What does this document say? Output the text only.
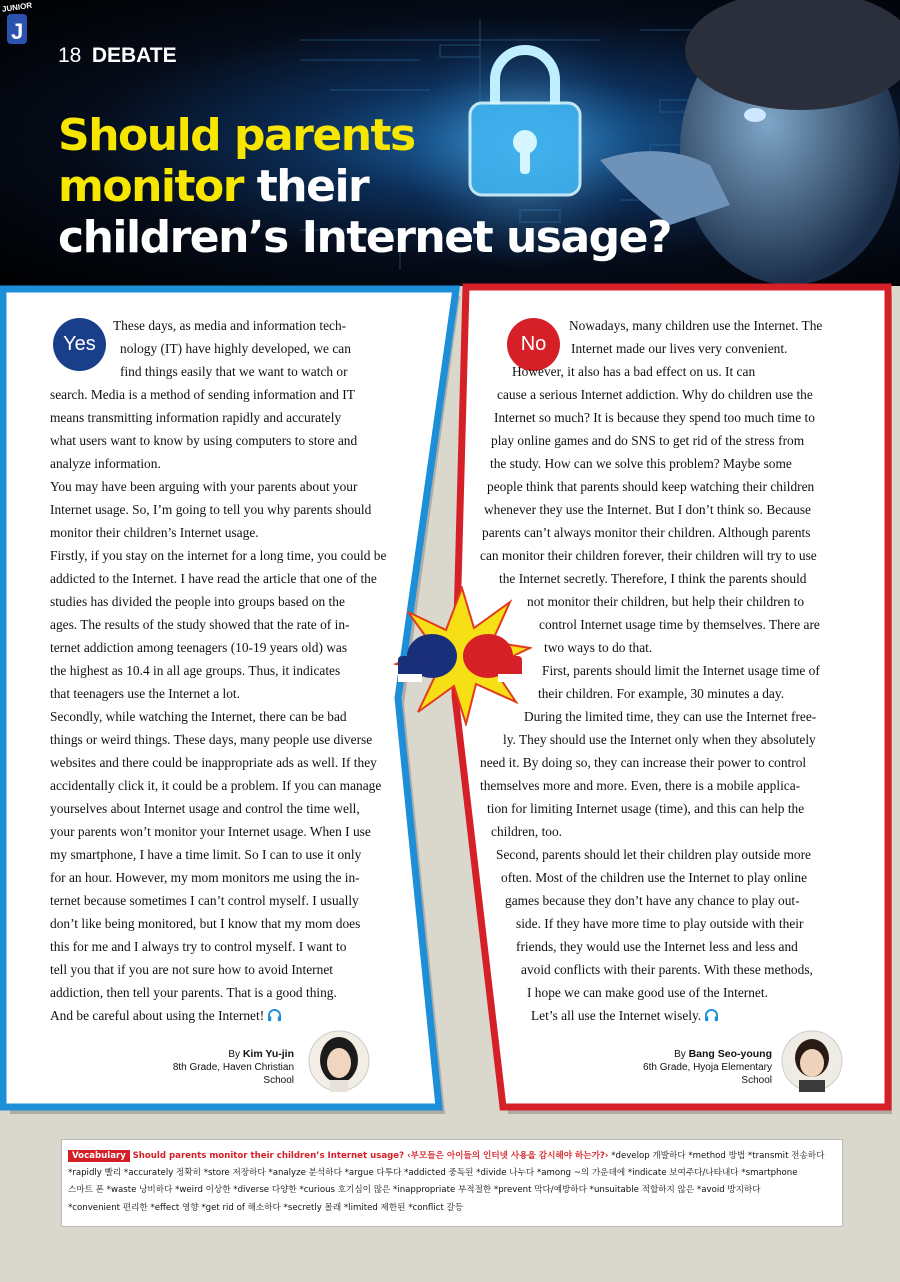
18 DEBATE
JUNIOR
J
Should parents
monitor their
children’s Internet usage?
Yes

These days, as media and information tech-

nology (IT) have highly developed, we can

find things easily that we want to watch or

search. Media is a method of sending information and IT

means transmitting information rapidly and accurately

what users want to know by using computers to store and

analyze information.

You may have been arguing with your parents about your

Internet usage. So, I’m going to tell you why parents should

monitor their children’s Internet usage.

Firstly, if you stay on the internet for a long time, you could be

addicted to the Internet. I have read the article that one of the

studies has divided the people into groups based on the

ages. The results of the study showed that the rate of in-

ternet addiction among teenagers (10-19 years old) was

the highest as 10.4 in all age groups. Thus, it indicates

that teenagers use the Internet a lot.

Secondly, while watching the Internet, there can be bad

things or weird things. These days, many people use diverse

websites and there could be inappropriate ads as well. If they

accidentally click it, it could be a problem. If you can manage

yourselves about Internet usage and control the time well,

your parents won’t monitor your Internet usage. When I use

my smartphone, I have a time limit. So I can to use it only

for an hour. However, my mom monitors me using the in-

ternet because sometimes I can’t control myself. I usually

don’t like being monitored, but I know that my mom does

this for me and I always try to control myself. I want to

tell you that if you are not sure how to avoid Internet

addiction, then tell your parents. That is a good thing.

And be careful about using the Internet!

No

Nowadays, many children use the Internet. The

Internet made our lives very convenient.

However, it also has a bad effect on us. It can

cause a serious Internet addiction. Why do children use the

Internet so much? It is because they spend too much time to

play online games and do SNS to get rid of the stress from

the study. How can we solve this problem? Maybe some

people think that parents should keep watching their children

whenever they use the Internet. But I don’t think so. Because

parents can’t always monitor their children. Although parents

can monitor their children forever, their children will try to use

the Internet secretly. Therefore, I think the parents should

not monitor their children, but help their children to

control Internet usage time by themselves. There are

two ways to do that.

First, parents should limit the Internet usage time of

their children. For example, 30 minutes a day.

During the limited time, they can use the Internet free-

ly. They should use the Internet only when they absolutely

need it. By doing so, they can increase their power to control

themselves more and more. Even, there is a mobile applica-

tion for limiting Internet usage (time), and this can help the

children, too.

Second, parents should let their children play outside more

often. Most of the children use the Internet to play online

games because they don’t have any chance to play out-

side. If they have more time to play outside with their

friends, they would use the Internet less and less and

avoid conflicts with their parents. With these methods,

I hope we can make good use of the Internet.

Let’s all use the Internet wisely.

By Kim Yu-jin
8th Grade, Haven Christian School
By Bang Seo-young
6th Grade, Hyoja Elementary School
Vocabulary Should parents monitor their children’s Internet usage? ‹부모들은 아이들의 인터넷 사용을 감시해야 하는가?› *develop 개발하다 *method 방법 *transmit 전송하다
*rapidly 빨리 *accurately 정확히 *store 저장하다 *analyze 분석하다 *argue 다투다 *addicted 중독된 *divide 나누다 *among ~의 가운데에 *indicate 보여주다/나타내다 *smartphone
스마트 폰 *waste 낭비하다 *weird 이상한 *diverse 다양한 *curious 호기심이 많은 *inappropriate 부적절한 *prevent 막다/예방하다 *unsuitable 적합하지 않은 *avoid 방지하다
*convenient 편리한 *effect 영향 *get rid of 해소하다 *secretly 몰래 *limited 제한된 *conflict 갈등
